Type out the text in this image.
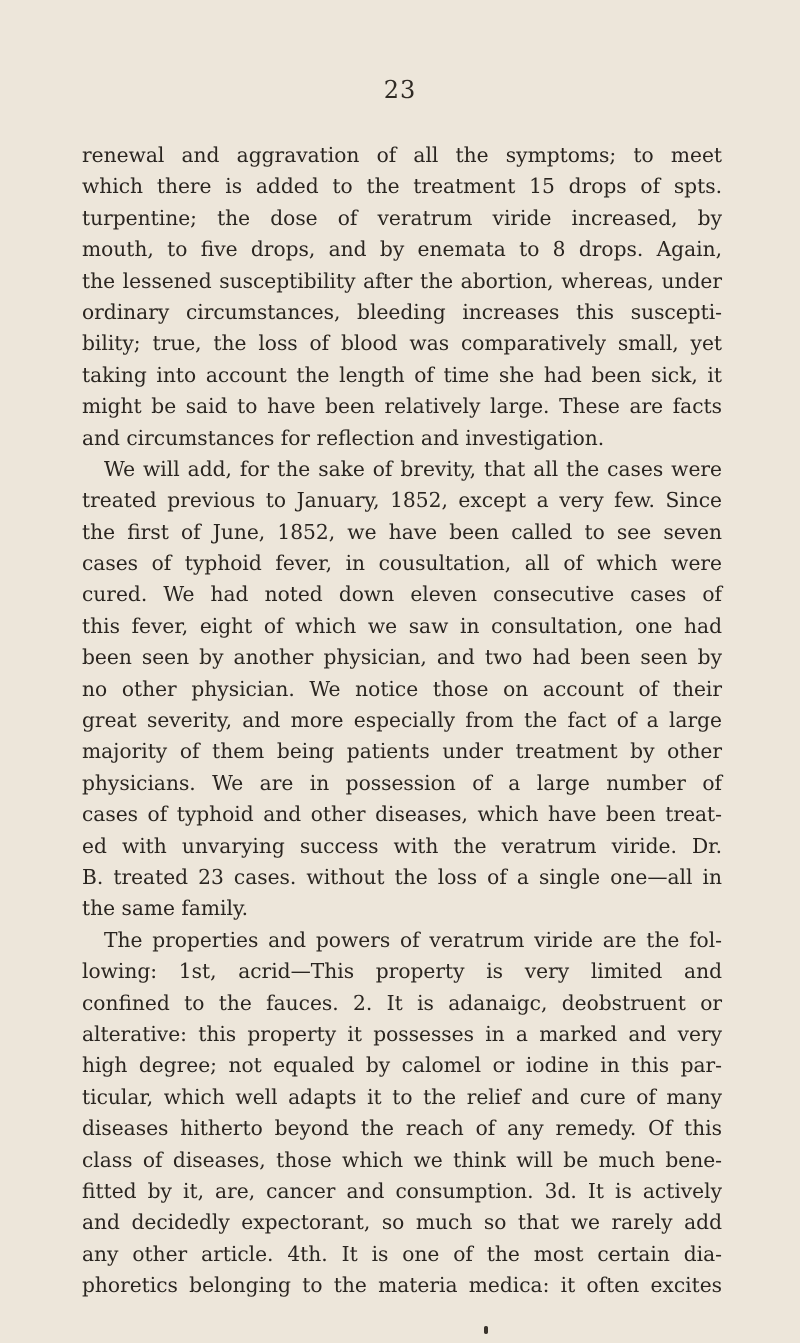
23
renewal and aggravation of all the symptoms; to meet
which there is added to the treatment 15 drops of spts.
turpentine; the dose of veratrum viride increased, by
mouth, to five drops, and by enemata to 8 drops. Again,
the lessened susceptibility after the abortion, whereas, under
ordinary circumstances, bleeding increases this suscepti-
bility; true, the loss of blood was comparatively small, yet
taking into account the length of time she had been sick, it
might be said to have been relatively large. These are facts
and circumstances for reflection and investigation.
We will add, for the sake of brevity, that all the cases were
treated previous to January, 1852, except a very few. Since
the first of June, 1852, we have been called to see seven
cases of typhoid fever, in cousultation, all of which were
cured. We had noted down eleven consecutive cases of
this fever, eight of which we saw in consultation, one had
been seen by another physician, and two had been seen by
no other physician. We notice those on account of their
great severity, and more especially from the fact of a large
majority of them being patients under treatment by other
physicians. We are in possession of a large number of
cases of typhoid and other diseases, which have been treat-
ed with unvarying success with the veratrum viride. Dr.
B. treated 23 cases. without the loss of a single one—all in
the same family.
The properties and powers of veratrum viride are the fol-
lowing: 1st, acrid—This property is very limited and
confined to the fauces. 2. It is adanaigc, deobstruent or
alterative: this property it possesses in a marked and very
high degree; not equaled by calomel or iodine in this par-
ticular, which well adapts it to the relief and cure of many
diseases hitherto beyond the reach of any remedy. Of this
class of diseases, those which we think will be much bene-
fitted by it, are, cancer and consumption. 3d. It is actively
and decidedly expectorant, so much so that we rarely add
any other article. 4th. It is one of the most certain dia-
phoretics belonging to the materia medica: it often excites
